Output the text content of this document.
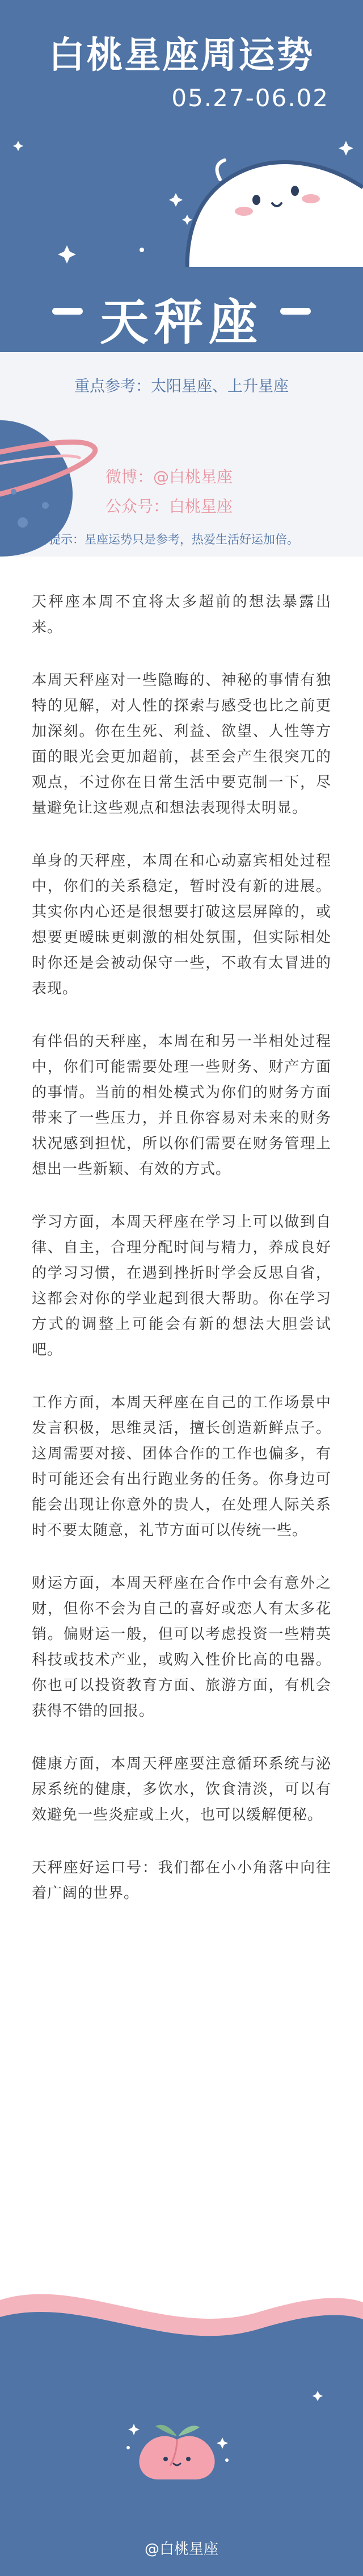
白桃星座周运势
05.27-06.02
天秤座
重点参考：太阳星座、上升星座
微博：@白桃星座
公众号：白桃星座
温馨提示：星座运势只是参考，热爱生活好运加倍。

天秤座本周不宜将太多超前的想法暴露出来。

本周天秤座对一些隐晦的、神秘的事情有独特的见解，对人性的探索与感受也比之前更加深刻。你在生死、利益、欲望、人性等方面的眼光会更加超前，甚至会产生很突兀的观点，不过你在日常生活中要克制一下，尽量避免让这些观点和想法表现得太明显。

单身的天秤座，本周在和心动嘉宾相处过程中，你们的关系稳定，暂时没有新的进展。其实你内心还是很想要打破这层屏障的，或想要更暧昧更刺激的相处氛围，但实际相处时你还是会被动保守一些，不敢有太冒进的表现。

有伴侣的天秤座，本周在和另一半相处过程中，你们可能需要处理一些财务、财产方面的事情。当前的相处模式为你们的财务方面带来了一些压力，并且你容易对未来的财务状况感到担忧，所以你们需要在财务管理上想出一些新颖、有效的方式。

学习方面，本周天秤座在学习上可以做到自律、自主，合理分配时间与精力，养成良好的学习习惯，在遇到挫折时学会反思自省，这都会对你的学业起到很大帮助。你在学习方式的调整上可能会有新的想法大胆尝试吧。

工作方面，本周天秤座在自己的工作场景中发言积极，思维灵活，擅长创造新鲜点子。这周需要对接、团体合作的工作也偏多，有时可能还会有出行跑业务的任务。你身边可能会出现让你意外的贵人，在处理人际关系时不要太随意，礼节方面可以传统一些。

财运方面，本周天秤座在合作中会有意外之财，但你不会为自己的喜好或恋人有太多花销。偏财运一般，但可以考虑投资一些精英科技或技术产业，或购入性价比高的电器。你也可以投资教育方面、旅游方面，有机会获得不错的回报。

健康方面，本周天秤座要注意循环系统与泌尿系统的健康，多饮水，饮食清淡，可以有效避免一些炎症或上火，也可以缓解便秘。

天秤座好运口号：我们都在小小角落中向往着广阔的世界。

@白桃星座
